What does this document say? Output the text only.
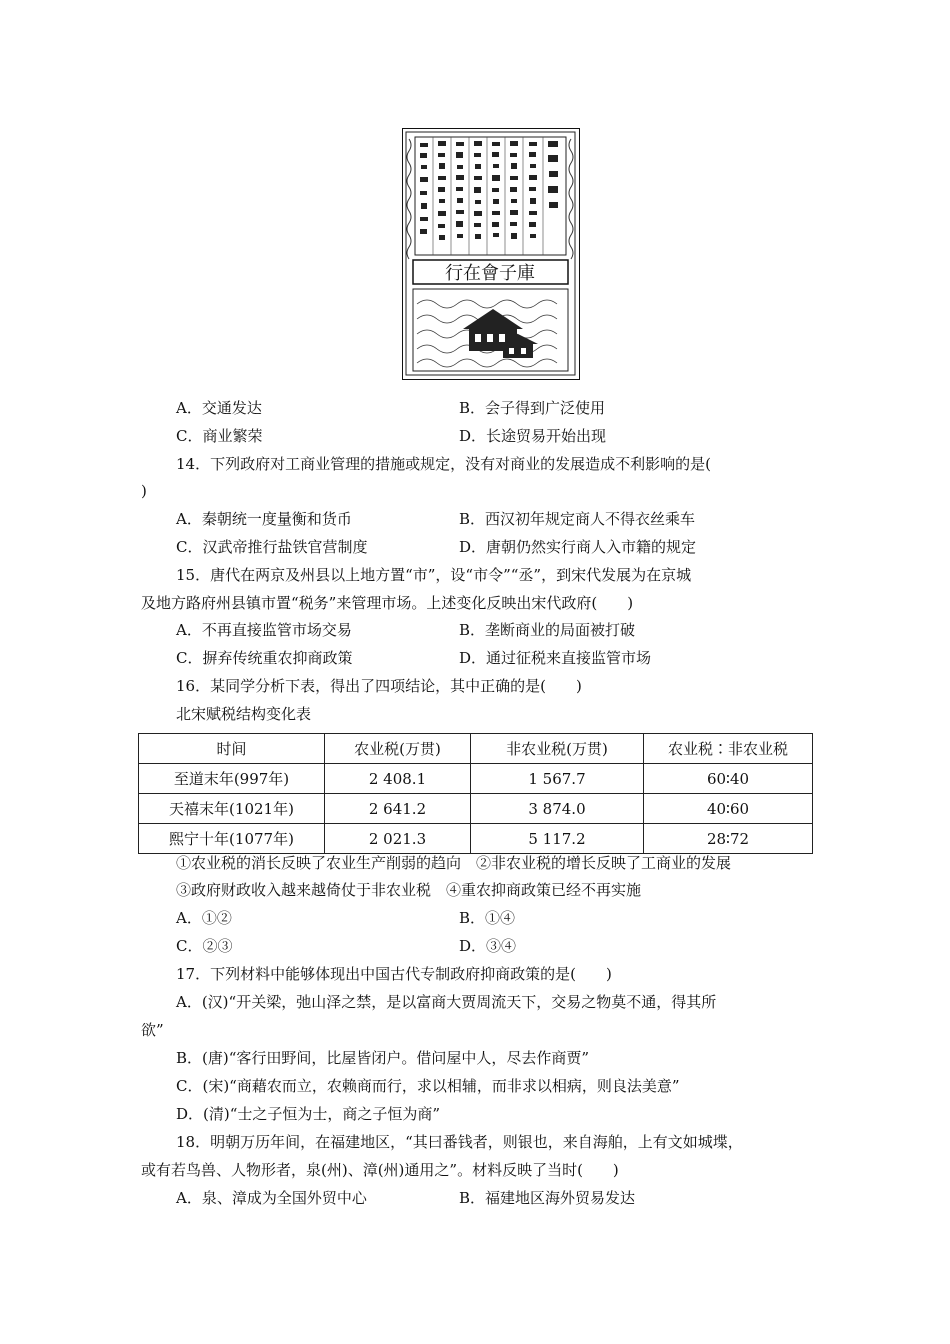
行在會子庫
A．交通发达	B．会子得到广泛使用
C．商业繁荣	D．长途贸易开始出现
14．下列政府对工商业管理的措施或规定，没有对商业的发展造成不利影响的是(
)
A．秦朝统一度量衡和货币	B．西汉初年规定商人不得衣丝乘车
C．汉武帝推行盐铁官营制度	D．唐朝仍然实行商人入市籍的规定
15．唐代在两京及州县以上地方置“市”，设“市令”“丞”，到宋代发展为在京城
及地方路府州县镇市置“税务”来管理市场。上述变化反映出宋代政府(　　)
A．不再直接监管市场交易	B．垄断商业的局面被打破
C．摒弃传统重农抑商政策	D．通过征税来直接监管市场
16．某同学分析下表，得出了四项结论，其中正确的是(　　)
北宋赋税结构变化表
时间	农业税(万贯)	非农业税(万贯)	农业税∶非农业税
至道末年(997年)	2 408.1	1 567.7	60∶40
天禧末年(1021年)	2 641.2	3 874.0	40∶60
熙宁十年(1077年)	2 021.3	5 117.2	28∶72
①农业税的消长反映了农业生产削弱的趋向　②非农业税的增长反映了工商业的发展
③政府财政收入越来越倚仗于非农业税　④重农抑商政策已经不再实施
A．①②	B．①④
C．②③	D．③④
17．下列材料中能够体现出中国古代专制政府抑商政策的是(　　)
A．(汉)“开关梁，弛山泽之禁，是以富商大贾周流天下，交易之物莫不通，得其所
欲”
B．(唐)“客行田野间，比屋皆闭户。借问屋中人，尽去作商贾”
C．(宋)“商藉农而立，农赖商而行，求以相辅，而非求以相病，则良法美意”
D．(清)“士之子恒为士，商之子恒为商”
18．明朝万历年间，在福建地区，“其曰番钱者，则银也，来自海舶，上有文如城堞，
或有若鸟兽、人物形者，泉(州)、漳(州)通用之”。材料反映了当时(　　)
A．泉、漳成为全国外贸中心	B．福建地区海外贸易发达
